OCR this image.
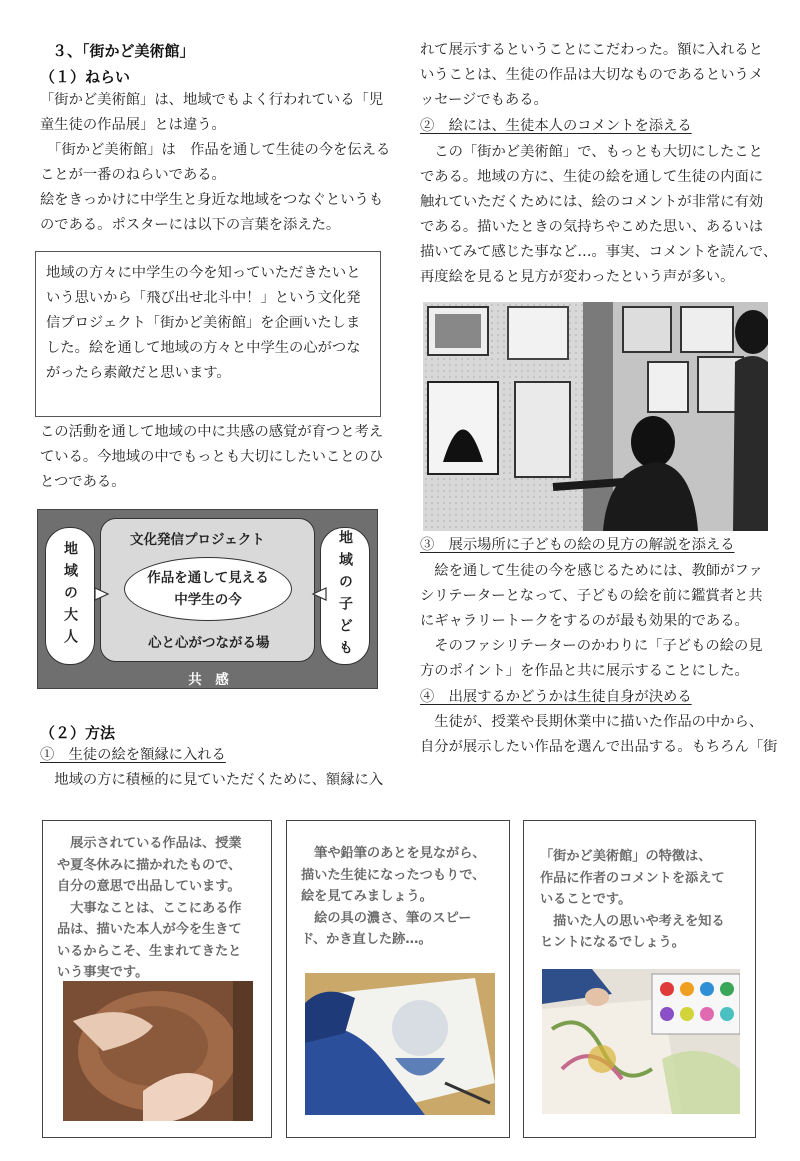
３、「街かど美術館」
（１）ねらい

「街かど美術館」は、地域でもよく行われている「児

童生徒の作品展」とは違う。

　「街かど美術館」は　作品を通して生徒の今を伝える

ことが一番のねらいである。

絵をきっかけに中学生と身近な地域をつなぐというも

のである。ポスターには以下の言葉を添えた。

地域の方々に中学生の今を知っていただきたいと
いう思いから「飛び出せ北斗中！」という文化発
信プロジェクト「街かど美術館」を企画いたしま
した。絵を通して地域の方々と中学生の心がつな
がったら素敵だと思います。

この活動を通して地域の中に共感の感覚が育つと考え

ている。今地域の中でもっとも大切にしたいことのひ

とつである。

地域の大人	地域の子ども
文化発信プロジェクト
作品を通して見える
中学生の今
心と心がつながる場
共　感
（２）方法
①　生徒の絵を額縁に入れる

　地域の方に積極的に見ていただくために、額縁に入

れて展示するということにこだわった。額に入れると

いうことは、生徒の作品は大切なものであるというメ

ッセージでもある。

②　絵には、生徒本人のコメントを添える

　この「街かど美術館」で、もっとも大切にしたこと

である。地域の方に、生徒の絵を通して生徒の内面に

触れていただくためには、絵のコメントが非常に有効

である。描いたときの気持ちやこめた思い、あるいは

描いてみて感じた事など…。事実、コメントを読んで、

再度絵を見ると見方が変わったという声が多い。

③　展示場所に子どもの絵の見方の解説を添える

　絵を通して生徒の今を感じるためには、教師がファ

シリテーターとなって、子どもの絵を前に鑑賞者と共

にギャラリートークをするのが最も効果的である。

　そのファシリテーターのかわりに「子どもの絵の見

方のポイント」を作品と共に展示することにした。

④　出展するかどうかは生徒自身が決める

　生徒が、授業や長期休業中に描いた作品の中から、

自分が展示したい作品を選んで出品する。もちろん「街

　展示されている作品は、授業

や夏冬休みに描かれたもので、

自分の意思で出品しています。

　大事なことは、ここにある作

品は、描いた本人が今を生きて

いるからこそ、生まれてきたと

いう事実です。

　筆や鉛筆のあとを見ながら、

描いた生徒になったつもりで、

絵を見てみましょう。

　絵の具の濃さ、筆のスピー

ド、かき直した跡…。

「街かど美術館」の特徴は、

作品に作者のコメントを添えて

いることです。

　描いた人の思いや考えを知る

ヒントになるでしょう。
